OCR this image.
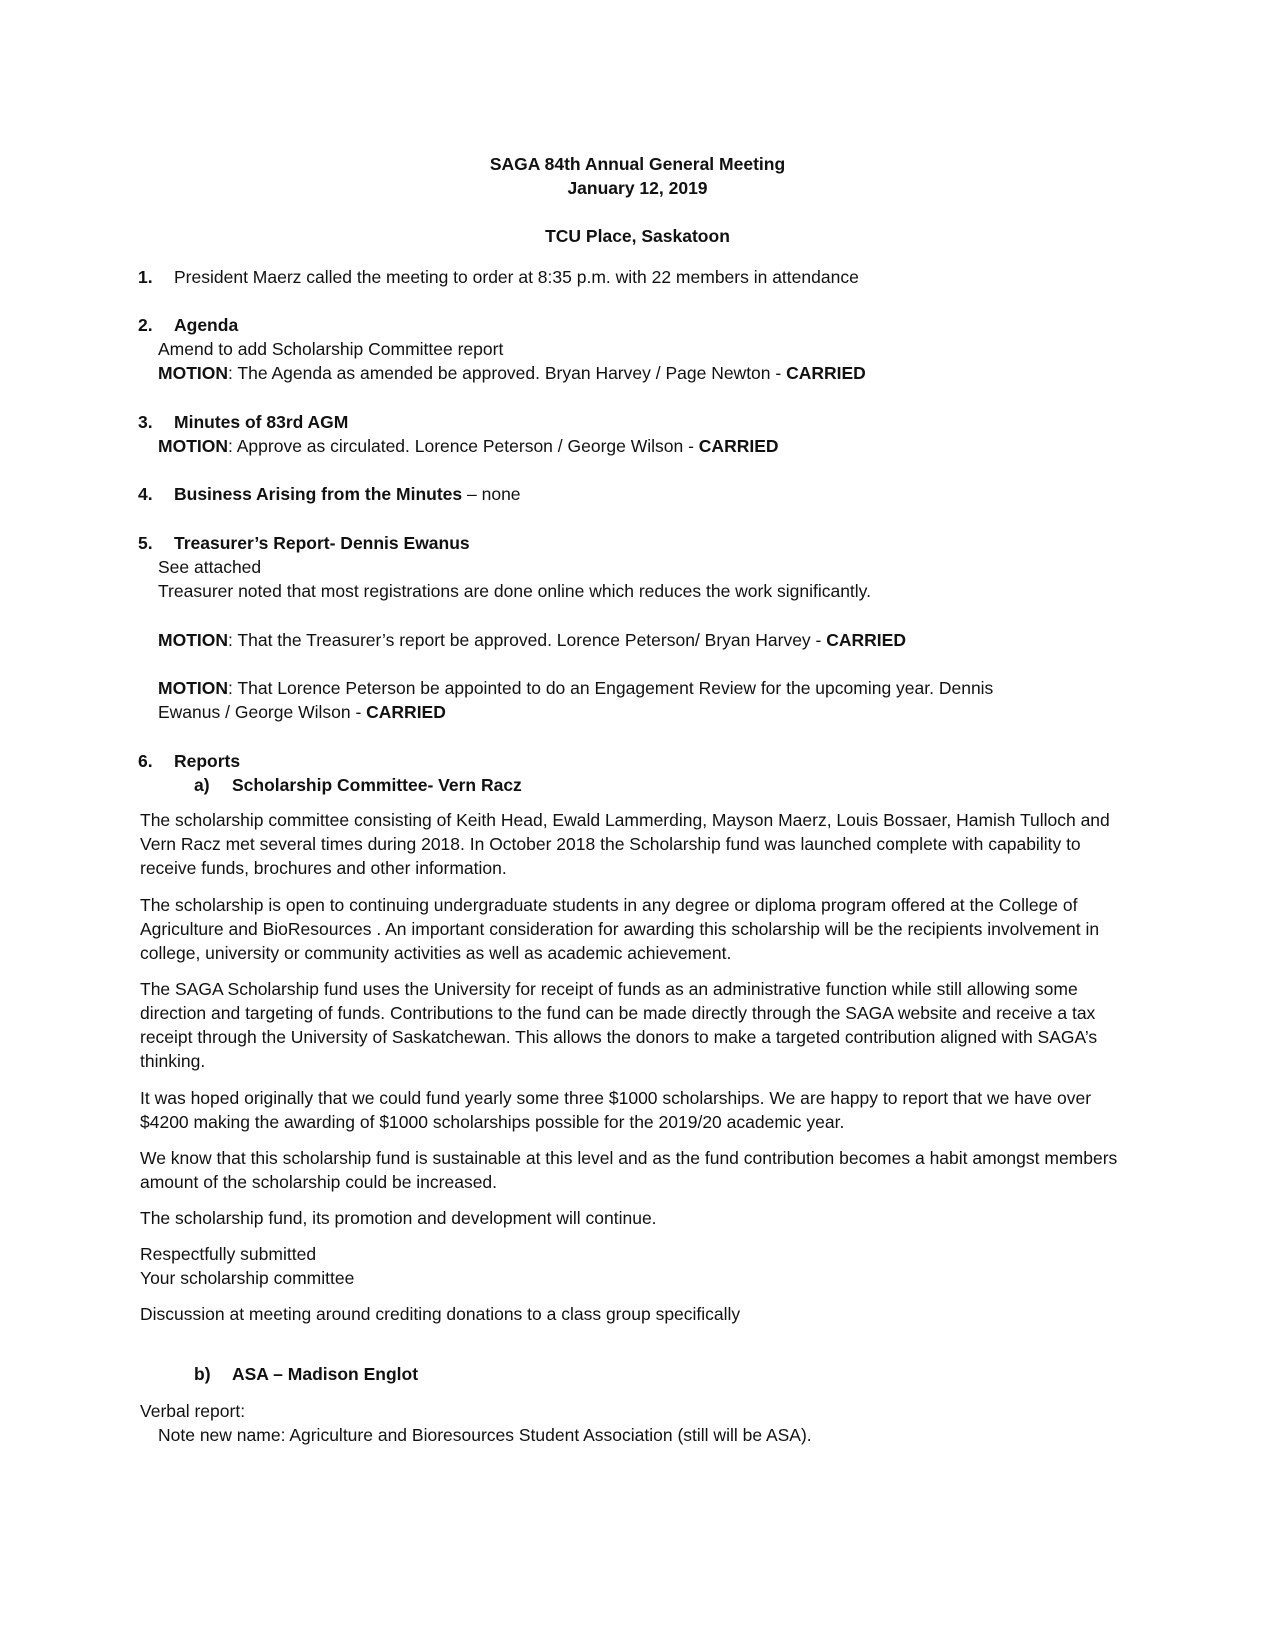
SAGA 84th Annual General Meeting
January 12, 2019
TCU Place, Saskatoon
1. President Maerz called the meeting to order at 8:35 p.m. with 22 members in attendance
2. Agenda
Amend to add Scholarship Committee report
MOTION: The Agenda as amended be approved. Bryan Harvey / Page Newton - CARRIED
3. Minutes of 83rd AGM
MOTION: Approve as circulated. Lorence Peterson / George Wilson - CARRIED
4. Business Arising from the Minutes – none
5. Treasurer’s Report- Dennis Ewanus
See attached
Treasurer noted that most registrations are done online which reduces the work significantly.
MOTION: That the Treasurer’s report be approved. Lorence Peterson/ Bryan Harvey - CARRIED
MOTION: That Lorence Peterson be appointed to do an Engagement Review for the upcoming year. Dennis
Ewanus / George Wilson - CARRIED
6. Reports
a) Scholarship Committee- Vern Racz
The scholarship committee consisting of Keith Head, Ewald Lammerding, Mayson Maerz, Louis Bossaer, Hamish Tulloch and Vern Racz met several times during 2018. In October 2018 the Scholarship fund was launched complete with capability to receive funds, brochures and other information.
The scholarship is open to continuing undergraduate students in any degree or diploma program offered at the College of Agriculture and BioResources . An important consideration for awarding this scholarship will be the recipients involvement in college, university or community activities as well as academic achievement.
The SAGA Scholarship fund uses the University for receipt of funds as an administrative function while still allowing some direction and targeting of funds. Contributions to the fund can be made directly through the SAGA website and receive a tax receipt through the University of Saskatchewan. This allows the donors to make a targeted contribution aligned with SAGA’s thinking.
It was hoped originally that we could fund yearly some three $1000 scholarships. We are happy to report that we have over $4200 making the awarding of $1000 scholarships possible for the 2019/20 academic year.
We know that this scholarship fund is sustainable at this level and as the fund contribution becomes a habit amongst members amount of the scholarship could be increased.
The scholarship fund, its promotion and development will continue.
Respectfully submitted
Your scholarship committee
Discussion at meeting around crediting donations to a class group specifically
b) ASA – Madison Englot
Verbal report:
Note new name: Agriculture and Bioresources Student Association (still will be ASA).
